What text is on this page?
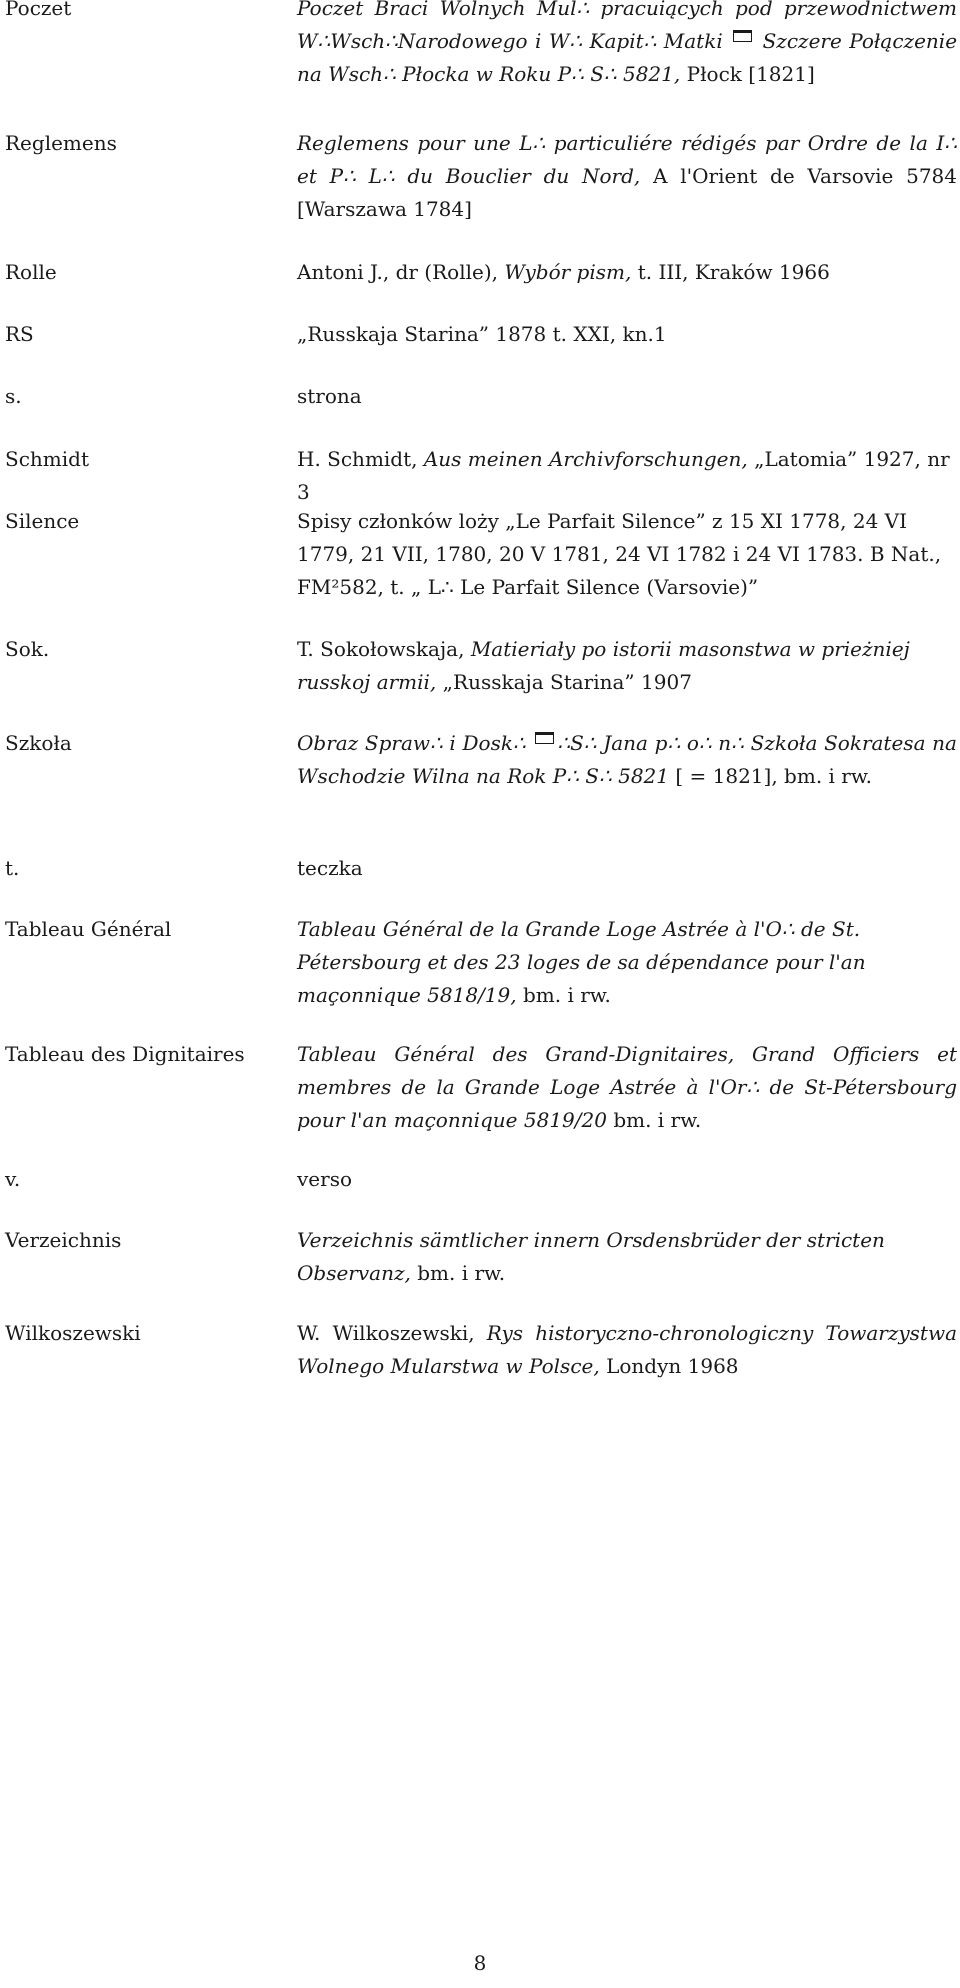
Poczet	Poczet Braci Wolnych Mul∴ pracuiących pod przewodnictwem W∴Wsch∴Narodowego i W∴ Kapit∴ Matki Szczere Połączenie na Wsch∴ Płocka w Roku P∴ S∴ 5821, Płock [1821]
Reglemens	Reglemens pour une L∴ particuliére rédigés par Ordre de la I∴ et P∴ L∴ du Bouclier du Nord, A l'Orient de Varsovie 5784 [Warszawa 1784]
Rolle	Antoni J., dr (Rolle), Wybór pism, t. III, Kraków 1966
RS	„Russkaja Starina” 1878 t. XXI, kn.1
s.	strona
Schmidt	H. Schmidt, Aus meinen Archivforschungen, „Latomia” 1927, nr 3
Silence	Spisy członków loży „Le Parfait Silence” z 15 XI 1778, 24 VI 1779, 21 VII, 1780, 20 V 1781, 24 VI 1782 i 24 VI 1783. B Nat., FM²582, t. „ L∴ Le Parfait Silence (Varsovie)”
Sok.	T. Sokołowskaja, Matieriały po istorii masonstwa w prieżniej russkoj armii, „Russkaja Starina” 1907
Szkoła	Obraz Spraw∴ i Dosk∴ ∴S∴ Jana p∴ o∴ n∴ Szkoła Sokratesa na Wschodzie Wilna na Rok P∴ S∴ 5821 [ = 1821], bm. i rw.
t.	teczka
Tableau Général	Tableau Général de la Grande Loge Astrée à l'O∴ de St. Pétersbourg et des 23 loges de sa dépendance pour l'an maçonnique 5818/19, bm. i rw.
Tableau des Dignitaires	Tableau Général des Grand-Dignitaires, Grand Officiers et membres de la Grande Loge Astrée à l'Or∴ de St-Pétersbourg pour l'an maçonnique 5819/20 bm. i rw.
v.	verso
Verzeichnis	Verzeichnis sämtlicher innern Orsdensbrüder der stricten Observanz, bm. i rw.
Wilkoszewski	W. Wilkoszewski, Rys historyczno-chronologiczny Towarzystwa Wolnego Mularstwa w Polsce, Londyn 1968
8
